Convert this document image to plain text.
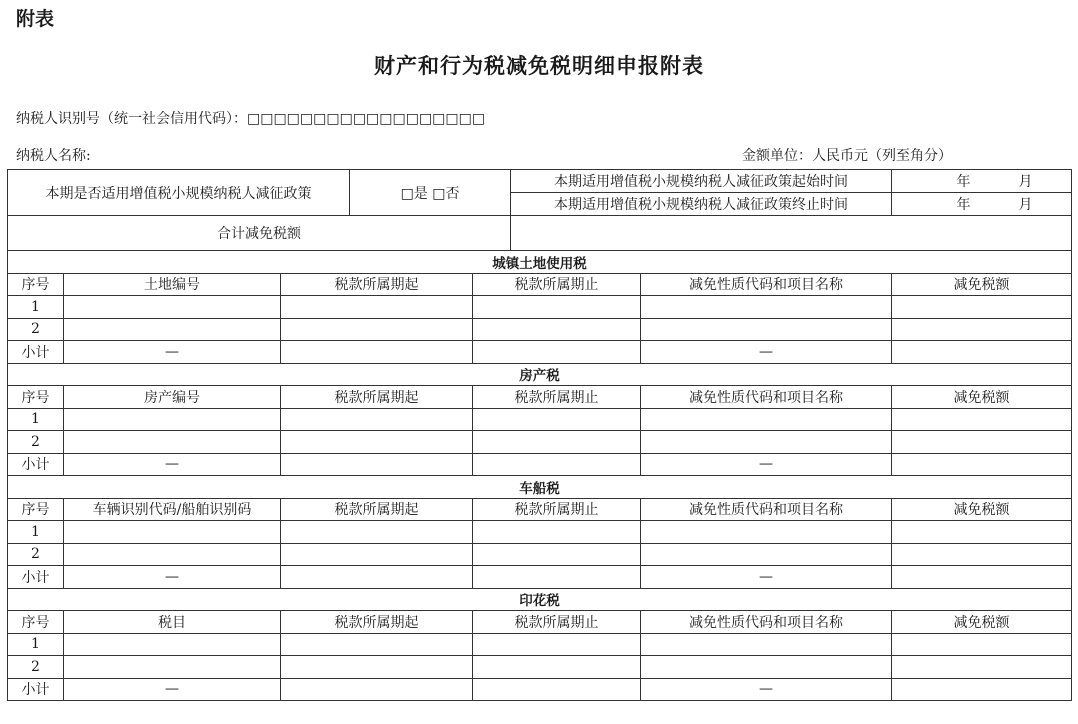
附表
财产和行为税减免税明细申报附表
纳税人识别号（统一社会信用代码）：□□□□□□□□□□□□□□□□□□
纳税人名称:	金额单位：人民币元（列至角分）
本期是否适用增值税小规模纳税人减征政策			□是 □否		本期适用增值税小规模纳税人减征政策起始时间		年 月
					本期适用增值税小规模纳税人减征政策终止时间		年 月
合计减免税额							
城镇土地使用税							
序号	土地编号	税款所属期起		税款所属期止		减免性质代码和项目名称	减免税额
1							
2							
小计	—					—	
房产税							
序号	房产编号	税款所属期起		税款所属期止		减免性质代码和项目名称	减免税额
1							
2							
小计	—					—	
车船税							
序号	车辆识别代码/船舶识别码	税款所属期起		税款所属期止		减免性质代码和项目名称	减免税额
1							
2							
小计	—					—	
印花税							
序号	税目	税款所属期起		税款所属期止		减免性质代码和项目名称	减免税额
1							
2							
小计	—					—	
